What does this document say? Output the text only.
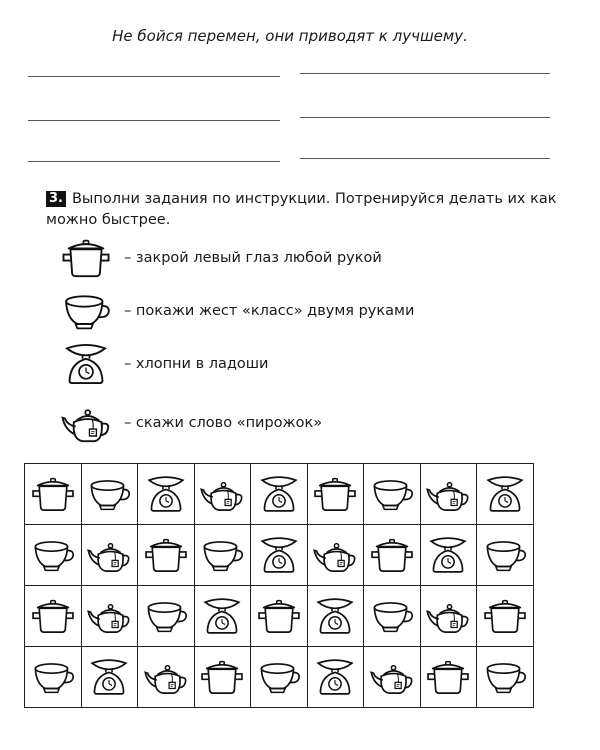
Не бойся перемен, они приводят к лучшему.
3. Выполни задания по инструкции. Потренируйся делать их как можно быстрее.
– закрой левый глаз любой рукой
– покажи жест «класс» двумя руками
– хлопни в ладоши
– скажи слово «пирожок»
